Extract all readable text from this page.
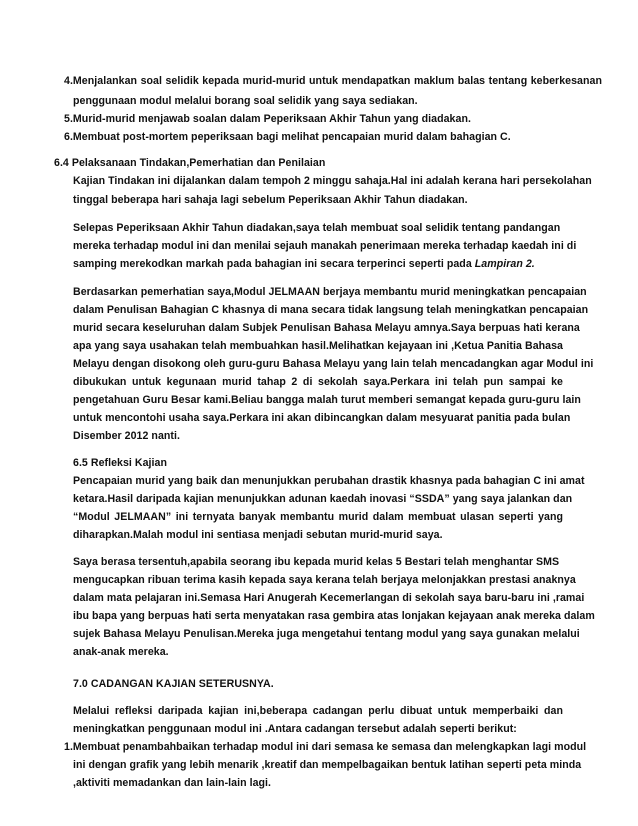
4.Menjalankan soal selidik kepada murid-murid untuk mendapatkan maklum balas tentang keberkesanan
penggunaan modul melalui borang soal selidik yang saya sediakan.
5.Murid-murid menjawab soalan dalam Peperiksaan Akhir Tahun yang diadakan.
6.Membuat post-mortem peperiksaan bagi melihat pencapaian murid dalam bahagian C.
6.4 Pelaksanaan Tindakan,Pemerhatian dan Penilaian
Kajian Tindakan ini dijalankan dalam tempoh 2 minggu sahaja.Hal ini adalah kerana hari persekolahan
tinggal beberapa hari sahaja lagi sebelum Peperiksaan Akhir Tahun diadakan.
Selepas Peperiksaan Akhir Tahun diadakan,saya telah membuat soal selidik tentang pandangan
mereka terhadap modul ini dan menilai sejauh manakah penerimaan mereka terhadap kaedah ini di
samping merekodkan markah pada bahagian ini secara terperinci seperti pada Lampiran 2.
Berdasarkan pemerhatian saya,Modul JELMAAN berjaya membantu murid meningkatkan pencapaian
dalam Penulisan Bahagian C khasnya di mana secara tidak langsung telah meningkatkan pencapaian
murid secara keseluruhan dalam Subjek Penulisan Bahasa Melayu amnya.Saya berpuas hati kerana
apa yang saya usahakan telah membuahkan hasil.Melihatkan kejayaan ini ,Ketua Panitia Bahasa
Melayu dengan disokong oleh guru-guru Bahasa Melayu yang lain telah mencadangkan agar Modul ini
dibukukan untuk kegunaan murid tahap 2 di sekolah saya.Perkara ini telah pun sampai ke
pengetahuan Guru Besar kami.Beliau bangga malah turut memberi semangat kepada guru-guru lain
untuk mencontohi usaha saya.Perkara ini akan dibincangkan dalam mesyuarat panitia pada bulan
Disember 2012 nanti.
6.5 Refleksi Kajian
Pencapaian murid yang baik dan menunjukkan perubahan drastik khasnya pada bahagian C ini amat
ketara.Hasil daripada kajian menunjukkan adunan kaedah inovasi “SSDA” yang saya jalankan dan
“Modul JELMAAN” ini ternyata banyak membantu murid dalam membuat ulasan seperti yang
diharapkan.Malah modul ini sentiasa menjadi sebutan murid-murid saya.
Saya berasa tersentuh,apabila seorang ibu kepada murid kelas 5 Bestari telah menghantar SMS
mengucapkan ribuan terima kasih kepada saya kerana telah berjaya melonjakkan prestasi anaknya
dalam mata pelajaran ini.Semasa Hari Anugerah Kecemerlangan di sekolah saya baru-baru ini ,ramai
ibu bapa yang berpuas hati serta menyatakan rasa gembira atas lonjakan kejayaan anak mereka dalam
sujek Bahasa Melayu Penulisan.Mereka juga mengetahui tentang modul yang saya gunakan melalui
anak-anak mereka.
7.0 CADANGAN KAJIAN SETERUSNYA.
Melalui refleksi daripada kajian ini,beberapa cadangan perlu dibuat untuk memperbaiki dan
meningkatkan penggunaan modul ini .Antara cadangan tersebut adalah seperti berikut:
1.Membuat penambahbaikan terhadap modul ini dari semasa ke semasa dan melengkapkan lagi modul
ini dengan grafik yang lebih menarik ,kreatif dan mempelbagaikan bentuk latihan seperti peta minda
,aktiviti memadankan dan lain-lain lagi.
